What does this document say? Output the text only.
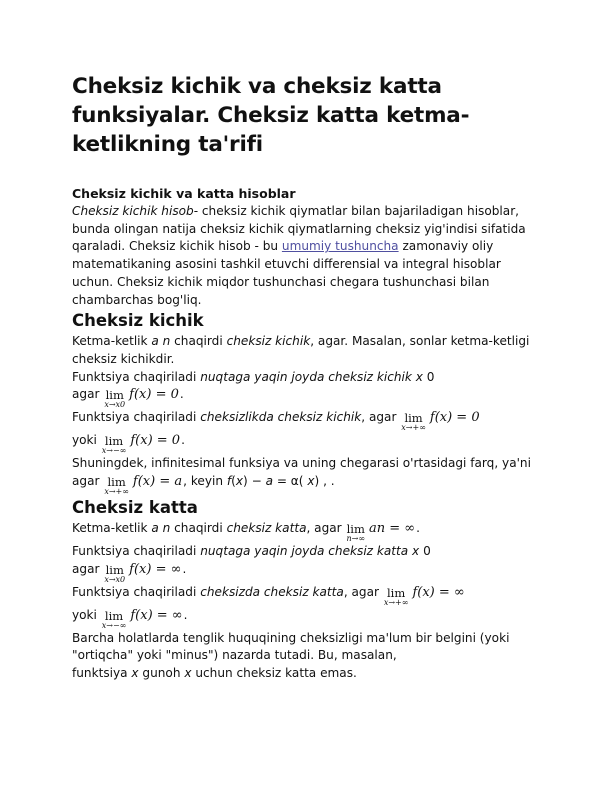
Cheksiz kichik va cheksiz katta funksiyalar. Cheksiz katta ketma-ketlikning ta'rifi
Cheksiz kichik va katta hisoblar

Cheksiz kichik hisob- cheksiz kichik qiymatlar bilan bajariladigan hisoblar,

bunda olingan natija cheksiz kichik qiymatlarning cheksiz yig'indisi sifatida

qaraladi. Cheksiz kichik hisob - bu umumiy tushuncha zamonaviy oliy

matematikaning asosini tashkil etuvchi differensial va integral hisoblar

uchun. Cheksiz kichik miqdor tushunchasi chegara tushunchasi bilan

chambarchas bog'liq.

Cheksiz kichik

Ketma-ketlik a n chaqirdi cheksiz kichik, agar. Masalan, sonlar ketma-ketligi

cheksiz kichikdir.

Funktsiya chaqiriladi nuqtaga yaqin joyda cheksiz kichik x 0

agar lim
x→x0
f(x) = 0.

Funktsiya chaqiriladi cheksizlikda cheksiz kichik, agar lim
x→+∞
f(x) = 0

yoki lim
x→−∞
f(x) = 0.

Shuningdek, infinitesimal funksiya va uning chegarasi o'rtasidagi farq, ya'ni

agar lim
x→+∞
f(x) = a, keyin f(x) − a = α( x) , .

Cheksiz katta

Ketma-ketlik a n chaqirdi cheksiz katta, agar lim
n→∞
an = ∞.

Funktsiya chaqiriladi nuqtaga yaqin joyda cheksiz katta x 0

agar lim
x→x0
f(x) = ∞.

Funktsiya chaqiriladi cheksizda cheksiz katta, agar lim
x→+∞
f(x) = ∞

yoki lim
x→−∞
f(x) = ∞.

Barcha holatlarda tenglik huquqining cheksizligi ma'lum bir belgini (yoki

"ortiqcha" yoki "minus") nazarda tutadi. Bu, masalan,

funktsiya x gunoh x uchun cheksiz katta emas.
